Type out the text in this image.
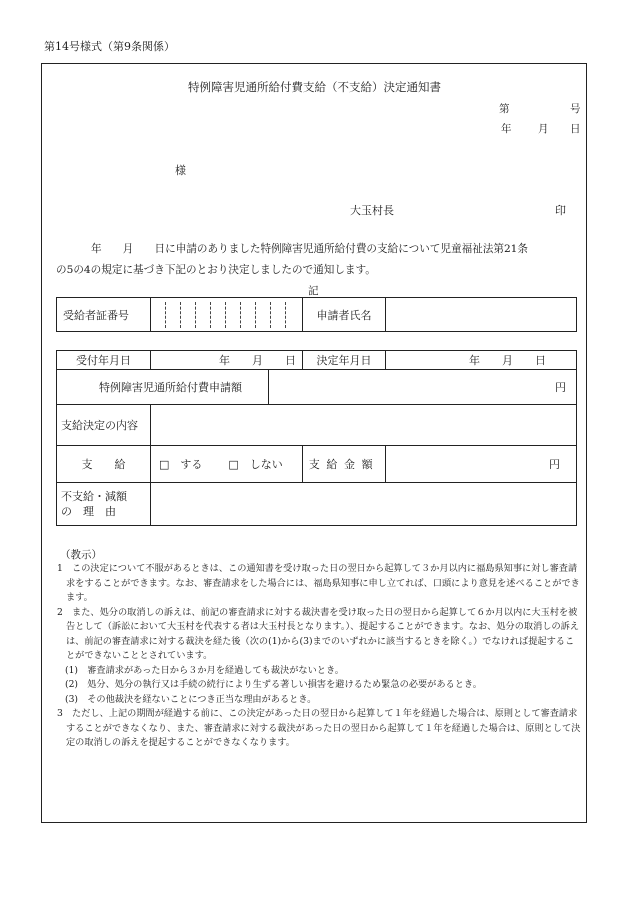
第14号様式（第9条関係）
特例障害児通所給付費支給（不支給）決定通知書
第	号
年	月 日
様
大玉村長	印
年　　月　　日に申請のありました特例障害児通所給付費の支給について児童福祉法第21条
の5の4の規定に基づき下記のとおり決定しましたので通知します。
記
受給者証番号		申請者氏名	
受付年月日	年　　月　　日		決定年月日	年　　月　　日
特例障害児通所給付費申請額		円		
支給決定の内容				
支　　給	□　する □　しない		支給金額	円

不支給・減額
の　理　由				

（教示）
1　この決定について不服があるときは、この通知書を受け取った日の翌日から起算して３か月以内に福島県知事に対し審査請求をすることができます。なお、審査請求をした場合には、福島県知事に申し立てれば、口頭により意見を述べることができます。
2　また、処分の取消しの訴えは、前記の審査請求に対する裁決書を受け取った日の翌日から起算して６か月以内に大玉村を被告として（訴訟において大玉村を代表する者は大玉村長となります。）、提起することができます。なお、処分の取消しの訴えは、前記の審査請求に対する裁決を経た後（次の(1)から(3)までのいずれかに該当するときを除く。）でなければ提起することができないこととされています。
(1)　審査請求があった日から３か月を経過しても裁決がないとき。
(2)　処分、処分の執行又は手続の続行により生ずる著しい損害を避けるため緊急の必要があるとき。
(3)　その他裁決を経ないことにつき正当な理由があるとき。
3　ただし、上記の期間が経過する前に、この決定があった日の翌日から起算して１年を経過した場合は、原則として審査請求することができなくなり、また、審査請求に対する裁決があった日の翌日から起算して１年を経過した場合は、原則として決定の取消しの訴えを提起することができなくなります。
